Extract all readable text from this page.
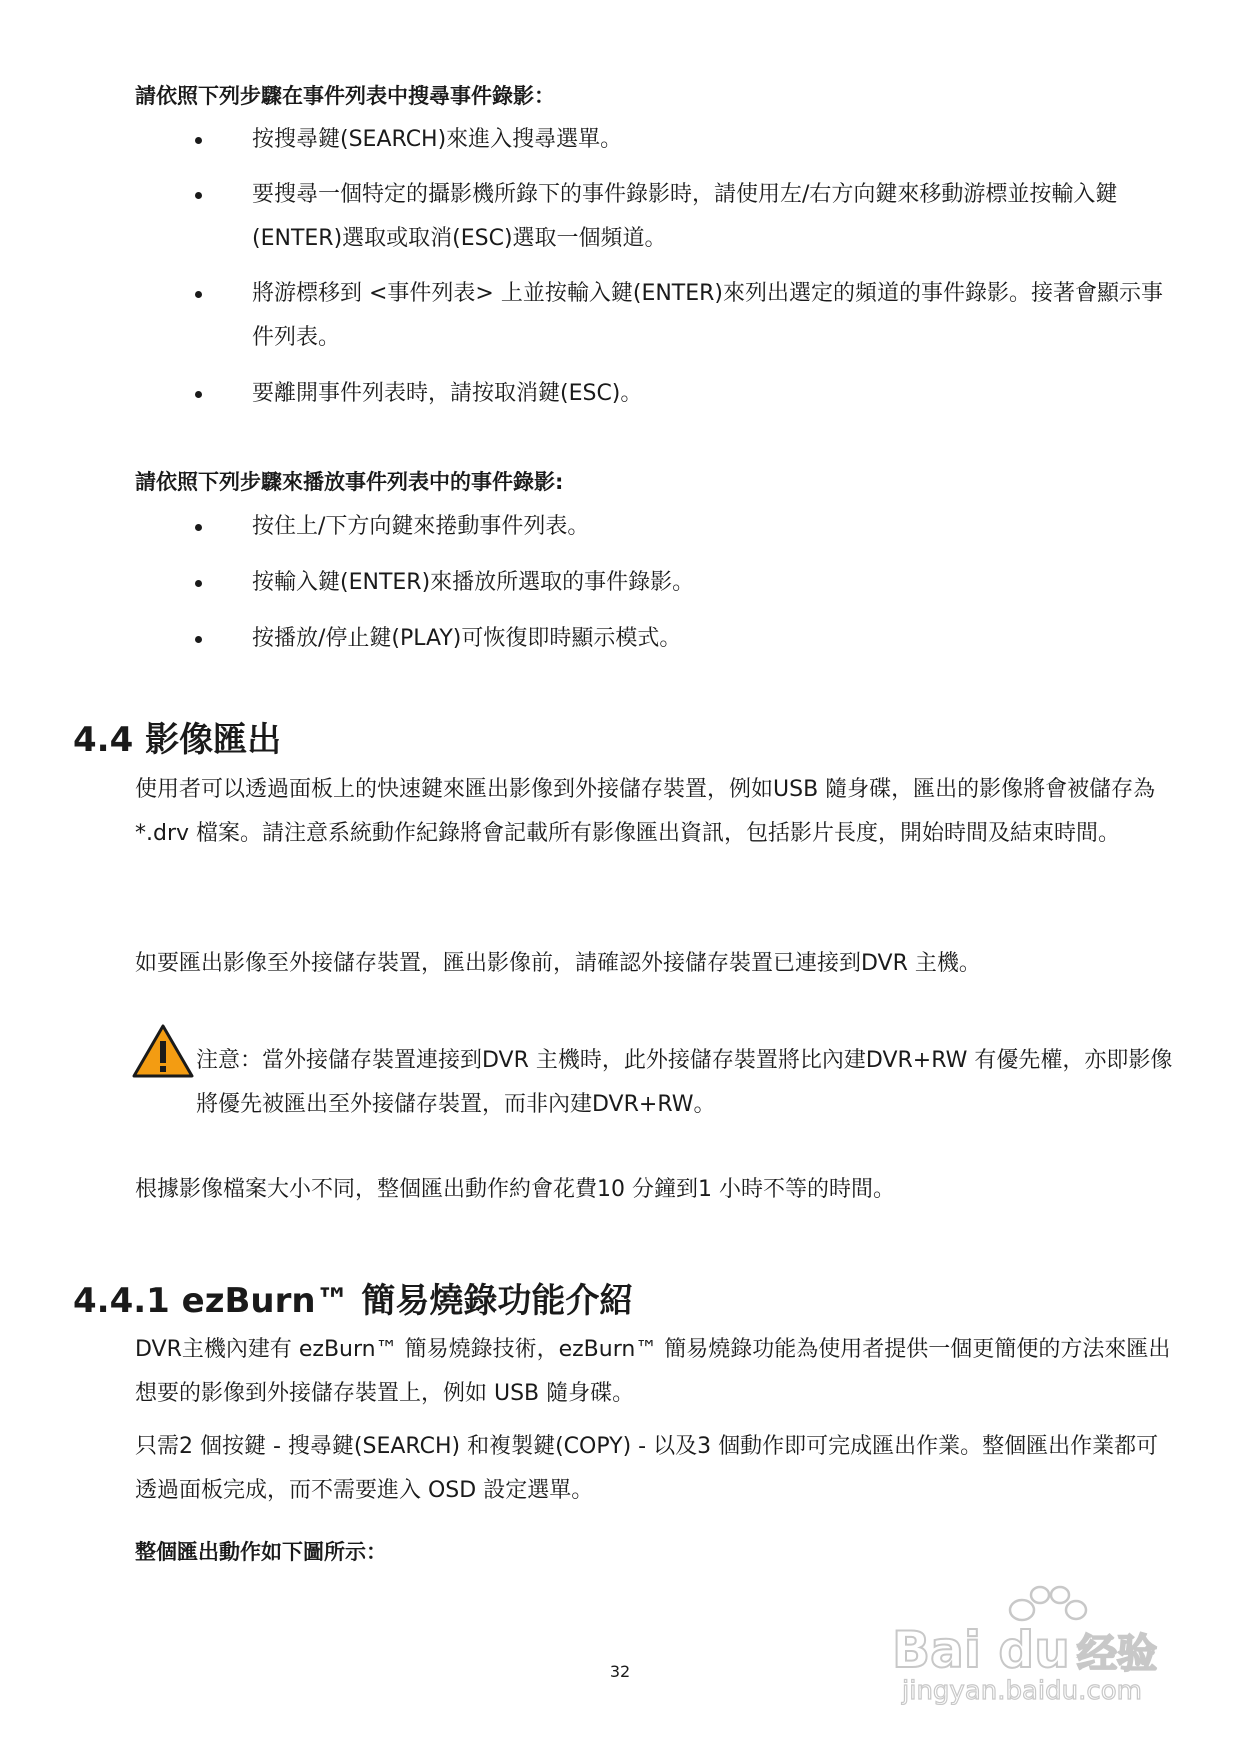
請依照下列步驟在事件列表中搜尋事件錄影：
按搜尋鍵(SEARCH)來進入搜尋選單。
要搜尋一個特定的攝影機所錄下的事件錄影時，請使用左/右方向鍵來移動游標並按輸入鍵(ENTER)選取或取消(ESC)選取一個頻道。
將游標移到 <事件列表> 上並按輸入鍵(ENTER)來列出選定的頻道的事件錄影。接著會顯示事件列表。
要離開事件列表時，請按取消鍵(ESC)。
請依照下列步驟來播放事件列表中的事件錄影:
按住上/下方向鍵來捲動事件列表。
按輸入鍵(ENTER)來播放所選取的事件錄影。
按播放/停止鍵(PLAY)可恢復即時顯示模式。
4.4 影像匯出

使用者可以透過面板上的快速鍵來匯出影像到外接儲存裝置，例如USB 隨身碟，匯出的影像將會被儲存為 *.drv 檔案。請注意系統動作紀錄將會記載所有影像匯出資訊，包括影片長度，開始時間及結束時間。

如要匯出影像至外接儲存裝置，匯出影像前，請確認外接儲存裝置已連接到DVR 主機。

注意：當外接儲存裝置連接到DVR 主機時，此外接儲存裝置將比內建DVR+RW 有優先權，亦即影像將優先被匯出至外接儲存裝置，而非內建DVR+RW。

根據影像檔案大小不同，整個匯出動作約會花費10 分鐘到1 小時不等的時間。

4.4.1 ezBurn™ 簡易燒錄功能介紹

DVR主機內建有 ezBurn™ 簡易燒錄技術，ezBurn™ 簡易燒錄功能為使用者提供一個更簡便的方法來匯出想要的影像到外接儲存裝置上，例如 USB 隨身碟。

只需2 個按鍵 - 搜尋鍵(SEARCH) 和複製鍵(COPY) - 以及3 個動作即可完成匯出作業。整個匯出作業都可透過面板完成，而不需要進入 OSD 設定選單。

整個匯出動作如下圖所示：

32	Bai du 经验
jingyan.baidu.com
